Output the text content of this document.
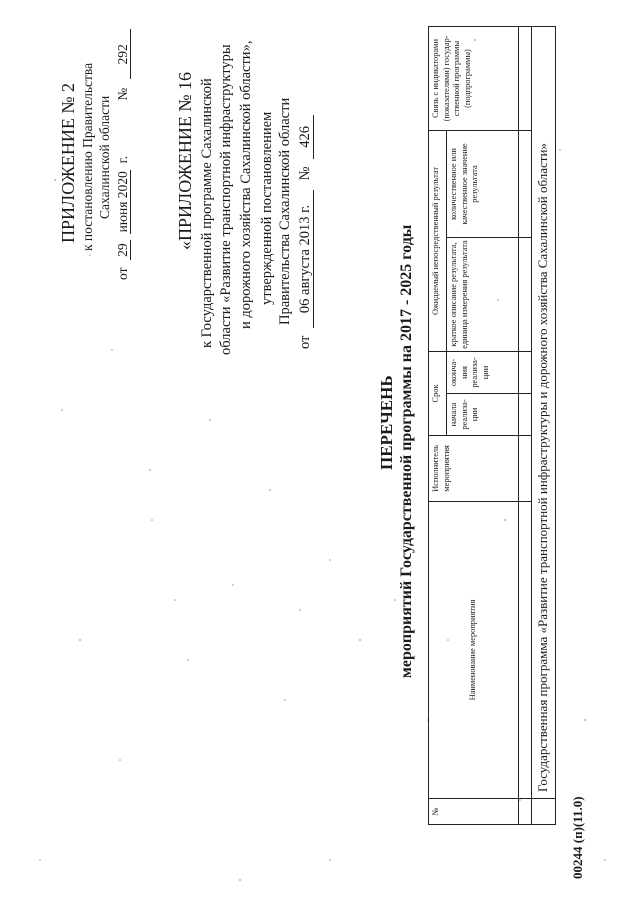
ПРИЛОЖЕНИЕ № 2 к постановлению Правительства Сахалинской области
от 29 июня 2020 г. № 292
«ПРИЛОЖЕНИЕ № 16 к Государственной программе Сахалинской области «Развитие транспортной инфраструктуры и дорожного хозяйства Сахалинской области», утвержденной постановлением Правительства Сахалинской области
от 06 августа 2013 г. № 426
ПЕРЕЧЕНЬ мероприятий Государственной программы на 2017 - 2025 годы
№	Наименование мероприятия	Исполнитель мероприятия	Срок		Ожидаемый непосредственный результат		Связь с индикаторами (показателями) государ- ственной программы (подпрограммы)
			начала реализа- ции	оконча- ния реализа- ции	краткое описание результата, единица измерения результата	количественное или качественное значение результата	

	Государственная программа «Развитие транспортной инфраструктуры и дорожного хозяйства Сахалинской области»						
00244 (п)(11.0)
